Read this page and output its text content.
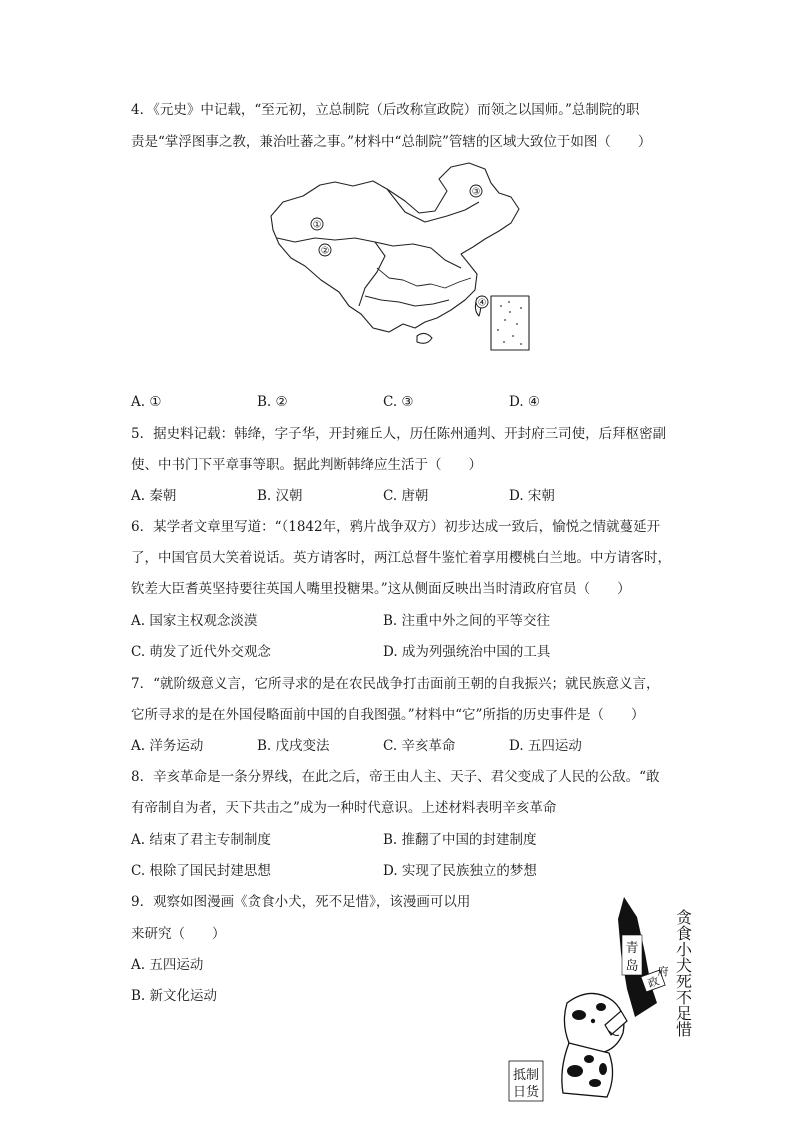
4．《元史》中记载，“至元初，立总制院（后改称宣政院）而领之以国师。”总制院的职
责是“掌浮图事之教，兼治吐蕃之事。”材料中“总制院”管辖的区域大致位于如图（　　）
①
②
③
④
A. ①	B. ②	C. ③	D. ④
5．据史料记载：韩绛，字子华，开封雍丘人，历任陈州通判、开封府三司使，后拜枢密副
使、中书门下平章事等职。据此判断韩绛应生活于（　　）
A. 秦朝	B. 汉朝	C. 唐朝	D. 宋朝
6．某学者文章里写道：“（1842年，鸦片战争双方）初步达成一致后，愉悦之情就蔓延开
了，中国官员大笑着说话。英方请客时，两江总督牛鉴忙着享用樱桃白兰地。中方请客时，
钦差大臣耆英坚持要往英国人嘴里投糖果。”这从侧面反映出当时清政府官员（　　）
A. 国家主权观念淡漠	B. 注重中外之间的平等交往
C. 萌发了近代外交观念	D. 成为列强统治中国的工具
7．“就阶级意义言，它所寻求的是在农民战争打击面前王朝的自我振兴；就民族意义言，
它所寻求的是在外国侵略面前中国的自我图强。”材料中“它”所指的历史事件是（　　）
A. 洋务运动	B. 戊戌变法	C. 辛亥革命	D. 五四运动
8．辛亥革命是一条分界线，在此之后，帝王由人主、天子、君父变成了人民的公敌。“敢
有帝制自为者，天下共击之”成为一种时代意识。上述材料表明辛亥革命
A. 结束了君主专制制度	B. 推翻了中国的封建制度
C. 根除了国民封建思想	D. 实现了民族独立的梦想
9．观察如图漫画《贪食小犬，死不足惜》，该漫画可以用
来研究（　　）
A. 五四运动
B. 新文化运动	贪食小犬死不足惜
青
岛
政
府
抵制
日货
